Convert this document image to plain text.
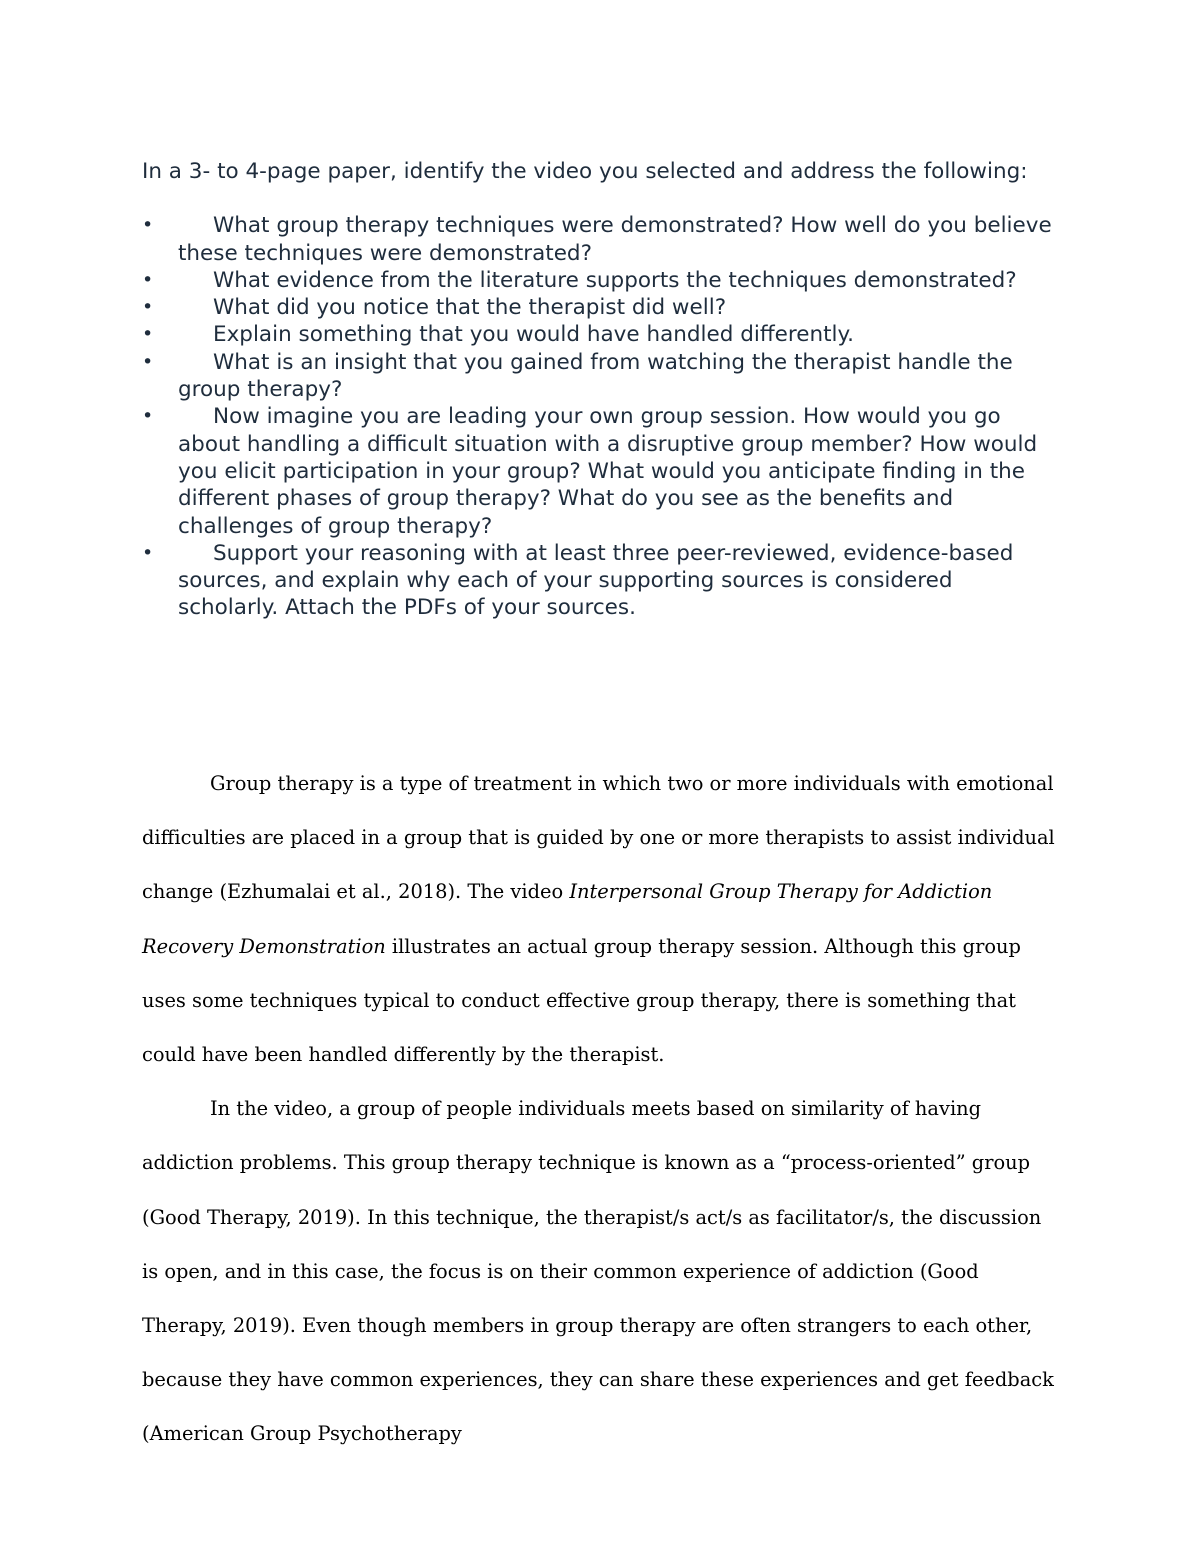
In a 3- to 4-page paper, identify the video you selected and address the following:

•	What group therapy techniques were demonstrated? How well do you believe these techniques were demonstrated?
•	What evidence from the literature supports the techniques demonstrated?
•	What did you notice that the therapist did well?
•	Explain something that you would have handled differently.
•	What is an insight that you gained from watching the therapist handle the group therapy?
•	Now imagine you are leading your own group session. How would you go about handling a difficult situation with a disruptive group member? How would you elicit participation in your group? What would you anticipate finding in the different phases of group therapy? What do you see as the benefits and challenges of group therapy?
•	Support your reasoning with at least three peer-reviewed, evidence-based sources, and explain why each of your supporting sources is considered scholarly. Attach the PDFs of your sources.

Group therapy is a type of treatment in which two or more individuals with emotional difficulties are placed in a group that is guided by one or more therapists to assist individual change (Ezhumalai et al., 2018). The video Interpersonal Group Therapy for Addiction Recovery Demonstration illustrates an actual group therapy session. Although this group uses some techniques typical to conduct effective group therapy, there is something that could have been handled differently by the therapist.

In the video, a group of people individuals meets based on similarity of having addiction problems. This group therapy technique is known as a “process-oriented” group (Good Therapy, 2019). In this technique, the therapist/s act/s as facilitator/s, the discussion is open, and in this case, the focus is on their common experience of addiction (Good Therapy, 2019). Even though members in group therapy are often strangers to each other, because they have common experiences, they can share these experiences and get feedback (American Group Psychotherapy
